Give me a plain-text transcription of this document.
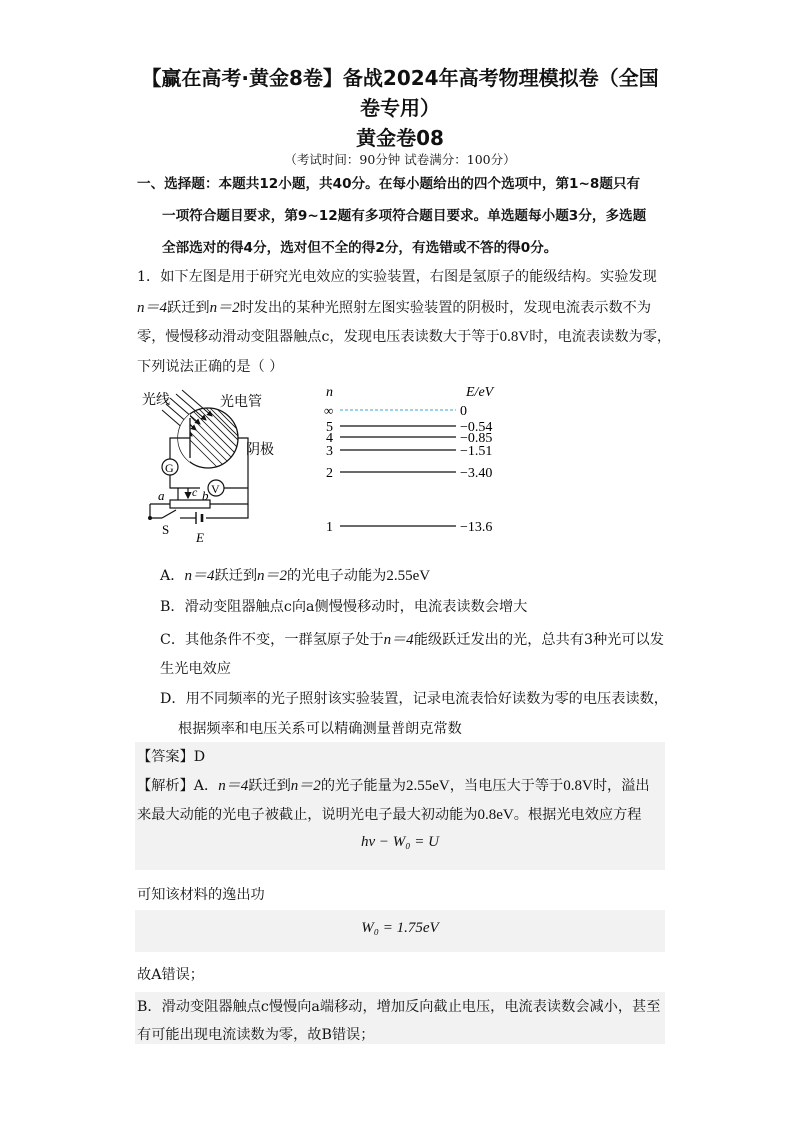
【赢在高考·黄金8卷】备战2024年高考物理模拟卷（全国
卷专用）
黄金卷08
（考试时间：90分钟 试卷满分：100分）
一、选择题：本题共12小题，共40分。在每小题给出的四个选项中，第1~8题只有
一项符合题目要求，第9~12题有多项符合题目要求。单选题每小题3分，多选题
全部选对的得4分，选对但不全的得2分，有选错或不答的得0分。
1．如下左图是用于研究光电效应的实验装置，右图是氢原子的能级结构。实验发现
n＝4跃迁到n＝2时发出的某种光照射左图实验装置的阴极时，发现电流表示数不为
零，慢慢移动滑动变阻器触点c，发现电压表读数大于等于0.8V时，电流表读数为零，
下列说法正确的是（ ）
光线	光电管
阴极
G
V
a	b
c
S
E
n	E/eV
∞	0
5	−0.54
4	−0.85
3	−1.51
2	−3.40
1	−13.6
A．n＝4跃迁到n＝2的光电子动能为2.55eV
B．滑动变阻器触点c向a侧慢慢移动时，电流表读数会增大
C．其他条件不变，一群氢原子处于n＝4能级跃迁发出的光，总共有3种光可以发
生光电效应
D．用不同频率的光子照射该实验装置，记录电流表恰好读数为零的电压表读数，
根据频率和电压关系可以精确测量普朗克常数
【答案】D
【解析】A．n＝4跃迁到n＝2的光子能量为2.55eV，当电压大于等于0.8V时，溢出
来最大动能的光电子被截止，说明光电子最大初动能为0.8eV。根据光电效应方程
hν − W₀ = U
可知该材料的逸出功
W₀ = 1.75eV
故A错误；
B．滑动变阻器触点c慢慢向a端移动，增加反向截止电压，电流表读数会减小，甚至
有可能出现电流读数为零，故B错误；
